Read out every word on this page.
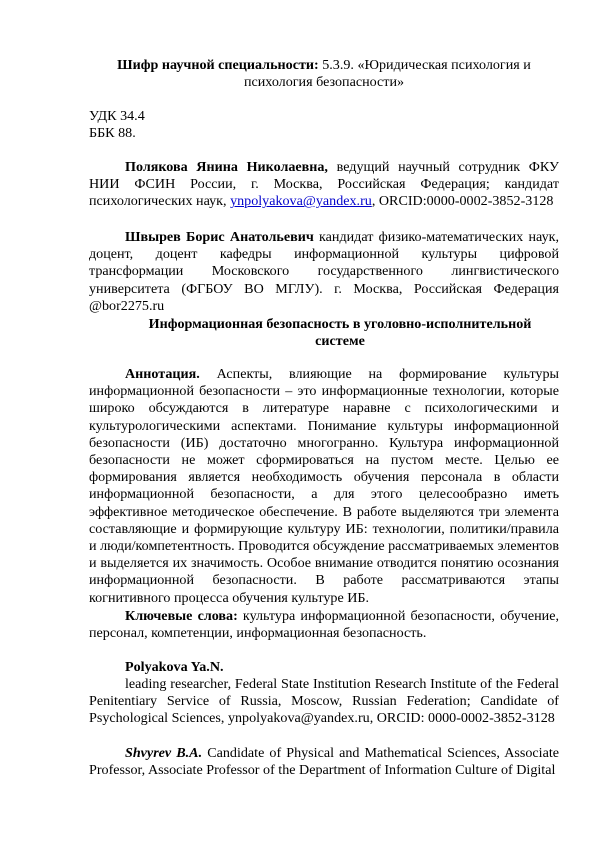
Шифр научной специальности: 5.3.9. «Юридическая психология и психология безопасности»
УДК 34.4
ББК 88.
Полякова Янина Николаевна, ведущий научный сотрудник ФКУ НИИ ФСИН России, г. Москва, Российская Федерация; кандидат психологических наук, ynpolyakova@yandex.ru, ORCID:0000-0002-3852-3128
Швырев Борис Анатольевич кандидат физико-математических наук, доцент, доцент кафедры информационной культуры цифровой трансформации Московского государственного лингвистического университета (ФГБОУ ВО МГЛУ). г. Москва, Российская Федерация @bor2275.ru
Информационная безопасность в уголовно-исполнительной системе
Аннотация. Аспекты, влияющие на формирование культуры информационной безопасности – это информационные технологии, которые широко обсуждаются в литературе наравне с психологическими и культурологическими аспектами. Понимание культуры информационной безопасности (ИБ) достаточно многогранно. Культура информационной безопасности не может сформироваться на пустом месте. Целью ее формирования является необходимость обучения персонала в области информационной безопасности, а для этого целесообразно иметь эффективное методическое обеспечение. В работе выделяются три элемента составляющие и формирующие культуру ИБ: технологии, политики/правила и люди/компетентность. Проводится обсуждение рассматриваемых элементов и выделяется их значимость. Особое внимание отводится понятию осознания информационной безопасности. В работе рассматриваются этапы когнитивного процесса обучения культуре ИБ.
Ключевые слова: культура информационной безопасности, обучение, персонал, компетенции, информационная безопасность.
Polyakova Ya.N.
leading researcher, Federal State Institution Research Institute of the Federal Penitentiary Service of Russia, Moscow, Russian Federation; Candidate of Psychological Sciences, ynpolyakova@yandex.ru, ORCID: 0000-0002-3852-3128
Shvyrev B.A. Candidate of Physical and Mathematical Sciences, Associate Professor, Associate Professor of the Department of Information Culture of Digital
